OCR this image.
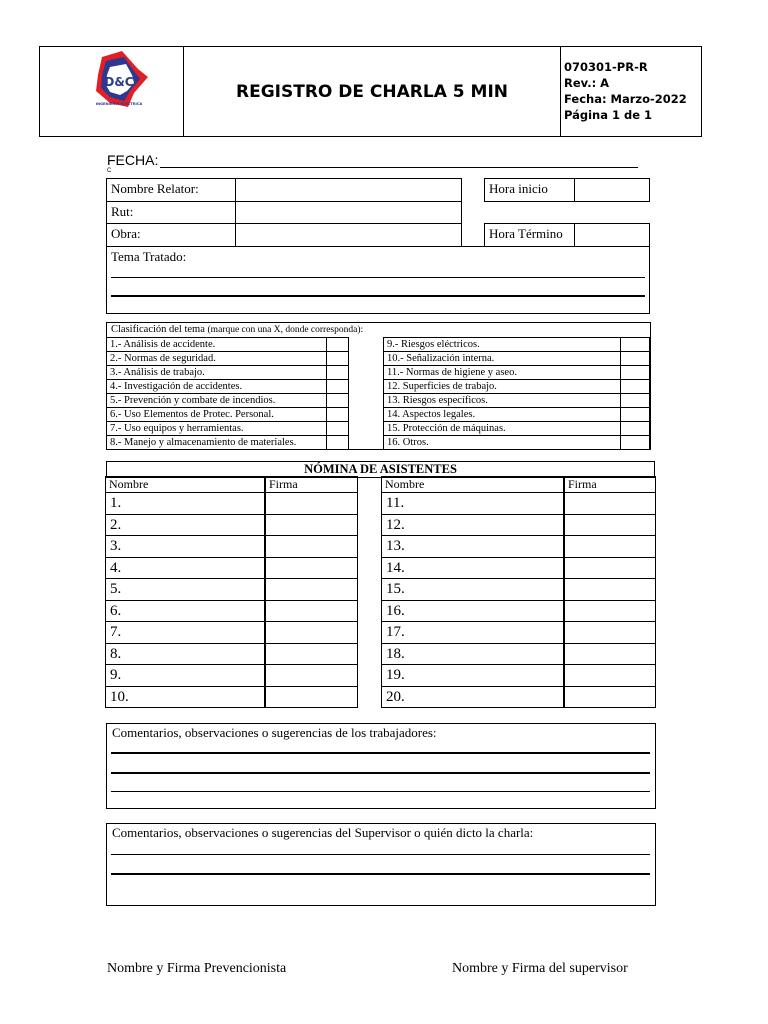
D&C
INGENIERÍA ELÉCTRICA
REGISTRO DE CHARLA 5 MIN
070301-PR-R
Rev.: A
Fecha: Marzo-2022
Página 1 de 1
FECHA:
C
Nombre Relator:
Rut:
Obra:
Hora inicio
Hora Término
Tema Tratado:
Clasificación del tema (marque con una X, donde corresponda):
1.- Análisis de accidente.	9.- Riesgos eléctricos.
2.- Normas de seguridad.	10.- Señalización interna.
3.- Análisis de trabajo.	11.- Normas de higiene y aseo.
4.- Investigación de accidentes.	12. Superficies de trabajo.
5.- Prevención y combate de incendios.	13. Riesgos específicos.
6.- Uso Elementos de Protec. Personal.	14. Aspectos legales.
7.- Uso equipos y herramientas.	15. Protección de máquinas.
8.- Manejo y almacenamiento de materiales.	16. Otros.
NÓMINA DE ASISTENTES
Nombre	Firma
1.
2.
3.
4.
5.
6.
7.
8.
9.
10.
Nombre	Firma
11.
12.
13.
14.
15.
16.
17.
18.
19.
20.
Comentarios, observaciones o sugerencias de los trabajadores:
Comentarios, observaciones o sugerencias del Supervisor o quién dicto la charla:
Nombre y Firma Prevencionista	Nombre y Firma del supervisor
